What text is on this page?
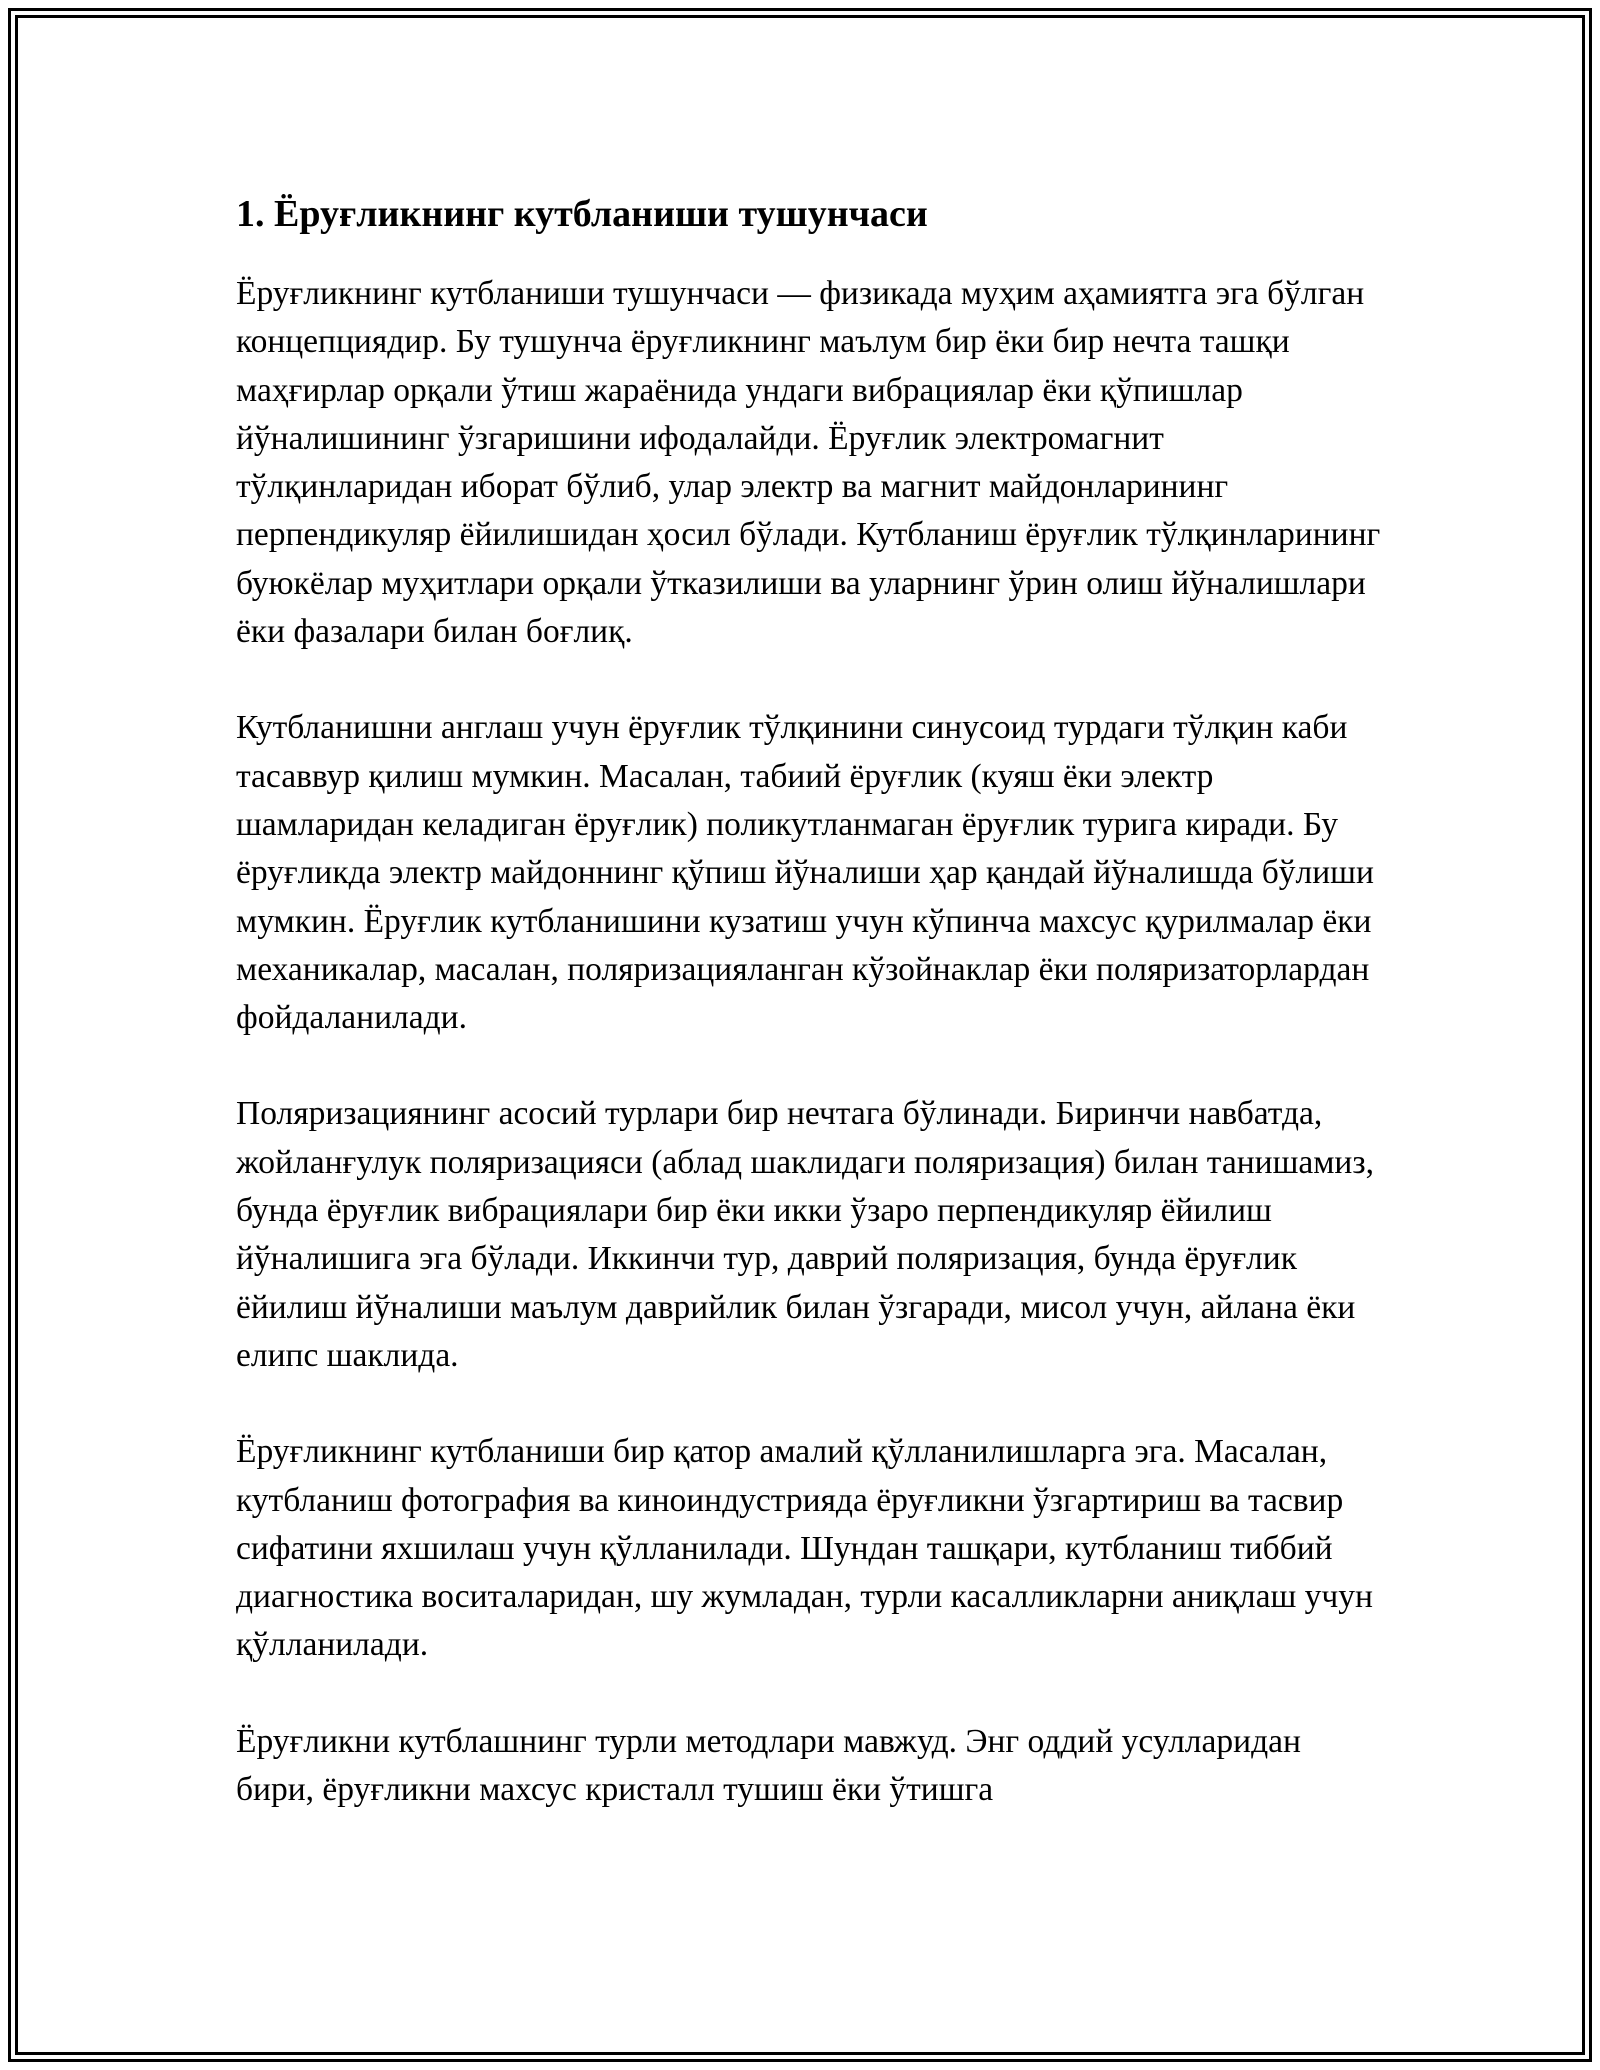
1. Ёруғликнинг кутбланиши тушунчаси

Ёруғликнинг кутбланиши тушунчаси — физикада муҳим аҳамиятга эга бўлган концепциядир. Бу тушунча ёруғликнинг маълум бир ёки бир нечта ташқи маҳғирлар орқали ўтиш жараёнида ундаги вибрациялар ёки қўпишлар йўналишининг ўзгаришини ифодалайди. Ёруғлик электромагнит тўлқинларидан иборат бўлиб, улар электр ва магнит майдонларининг перпендикуляр ёйилишидан ҳосил бўлади. Кутбланиш ёруғлик тўлқинларининг буюкёлар муҳитлари орқали ўтказилиши ва уларнинг ўрин олиш йўналишлари ёки фазалари билан боғлиқ.

Кутбланишни англаш учун ёруғлик тўлқинини синусоид турдаги тўлқин каби тасаввур қилиш мумкин. Масалан, табиий ёруғлик (куяш ёки электр шамларидан келадиган ёруғлик) поликутланмаган ёруғлик турига киради. Бу ёруғликда электр майдоннинг қўпиш йўналиши ҳар қандай йўналишда бўлиши мумкин. Ёруғлик кутбланишини кузатиш учун кўпинча махсус қурилмалар ёки механикалар, масалан, поляризацияланган кўзойнаклар ёки поляризаторлардан фойдаланилади.

Поляризациянинг асосий турлари бир нечтага бўлинади. Биринчи навбатда, жойланғулук поляризацияси (аблад шаклидаги поляризация) билан танишамиз, бунда ёруғлик вибрациялари бир ёки икки ўзаро перпендикуляр ёйилиш йўналишига эга бўлади. Иккинчи тур, даврий поляризация, бунда ёруғлик ёйилиш йўналиши маълум даврийлик билан ўзгаради, мисол учун, айлана ёки елипс шаклида.

Ёруғликнинг кутбланиши бир қатор амалий қўлланилишларга эга. Масалан, кутбланиш фотография ва киноиндустрияда ёруғликни ўзгартириш ва тасвир сифатини яхшилаш учун қўлланилади. Шундан ташқари, кутбланиш тиббий диагностика воситаларидан, шу жумладан, турли касалликларни аниқлаш учун қўлланилади.

Ёруғликни кутблашнинг турли методлари мавжуд. Энг оддий усулларидан бири, ёруғликни махсус кристалл тушиш ёки ўтишга
